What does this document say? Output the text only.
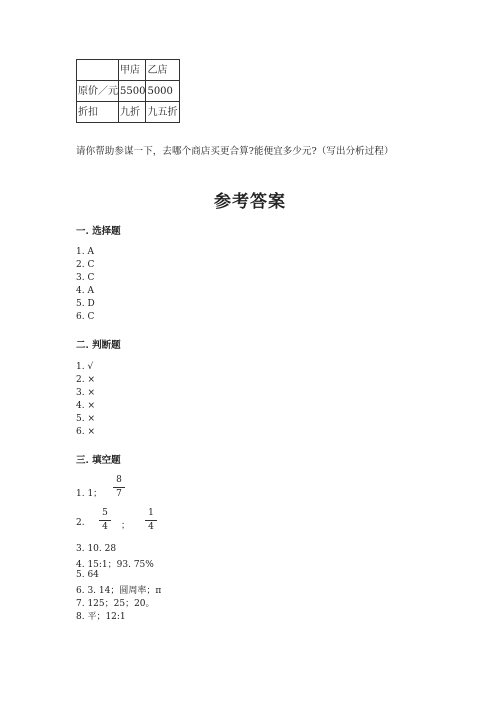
	甲店	乙店
原价／元	5500	5000
折扣	九折	九五折
请你帮助参谋一下，去哪个商店买更合算?能便宜多少元?（写出分析过程）
参考答案
一. 选择题
1. A
2. C
3. C
4. A
5. D
6. C
二. 判断题
1. √
2. ×
3. ×
4. ×
5. ×
6. ×
三. 填空题
1. 1；
8
7
2.
5
4	；
1
4
3. 10. 28
4. 15:1；93. 75%
5. 64
6. 3. 14；圆周率；π
7. 125；25；20。
8. 平；12:1
